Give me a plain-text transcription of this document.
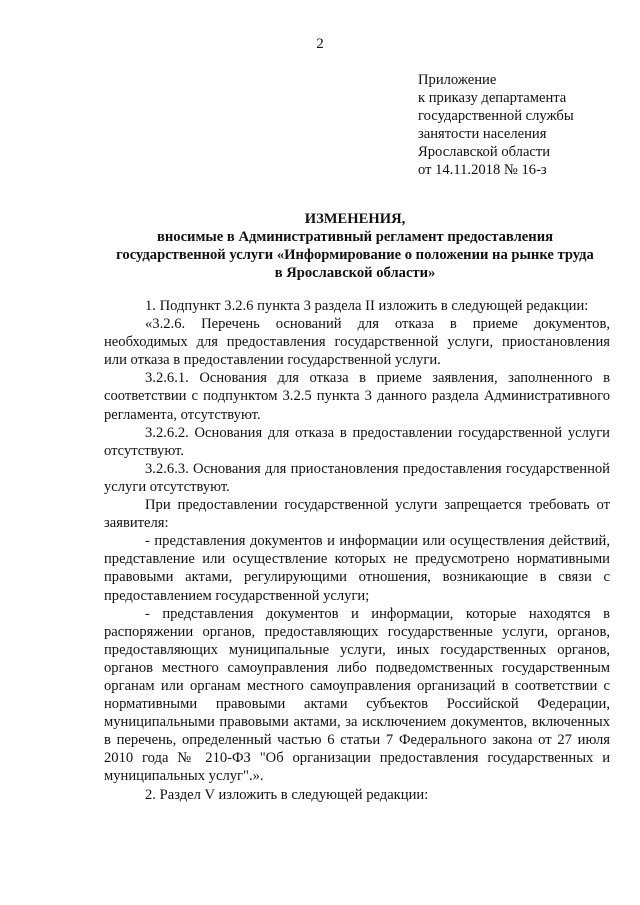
2
Приложение
к приказу департамента
государственной службы
занятости населения
Ярославской области
от 14.11.2018 № 16-з
ИЗМЕНЕНИЯ,
вносимые в Административный регламент предоставления
государственной услуги «Информирование о положении на рынке труда
в Ярославской области»
1. Подпункт 3.2.6 пункта 3 раздела II изложить в следующей редакции:
«3.2.6. Перечень оснований для отказа в приеме документов, необходимых для предоставления государственной услуги, приостановления или отказа в предоставлении государственной услуги.
3.2.6.1. Основания для отказа в приеме заявления, заполненного в соответствии с подпунктом 3.2.5 пункта 3 данного раздела Административного регламента, отсутствуют.
3.2.6.2. Основания для отказа в предоставлении государственной услуги отсутствуют.
3.2.6.3. Основания для приостановления предоставления государственной услуги отсутствуют.
При предоставлении государственной услуги запрещается требовать от заявителя:
- представления документов и информации или осуществления действий, представление или осуществление которых не предусмотрено нормативными правовыми актами, регулирующими отношения, возникающие в связи с предоставлением государственной услуги;
- представления документов и информации, которые находятся в распоряжении органов, предоставляющих государственные услуги, органов, предоставляющих муниципальные услуги, иных государственных органов, органов местного самоуправления либо подведомственных государственным органам или органам местного самоуправления организаций в соответствии с нормативными правовыми актами субъектов Российской Федерации, муниципальными правовыми актами, за исключением документов, включенных в перечень, определенный частью 6 статьи 7 Федерального закона от 27 июля 2010 года № 210-ФЗ "Об организации предоставления государственных и муниципальных услуг".».
2. Раздел V изложить в следующей редакции:
